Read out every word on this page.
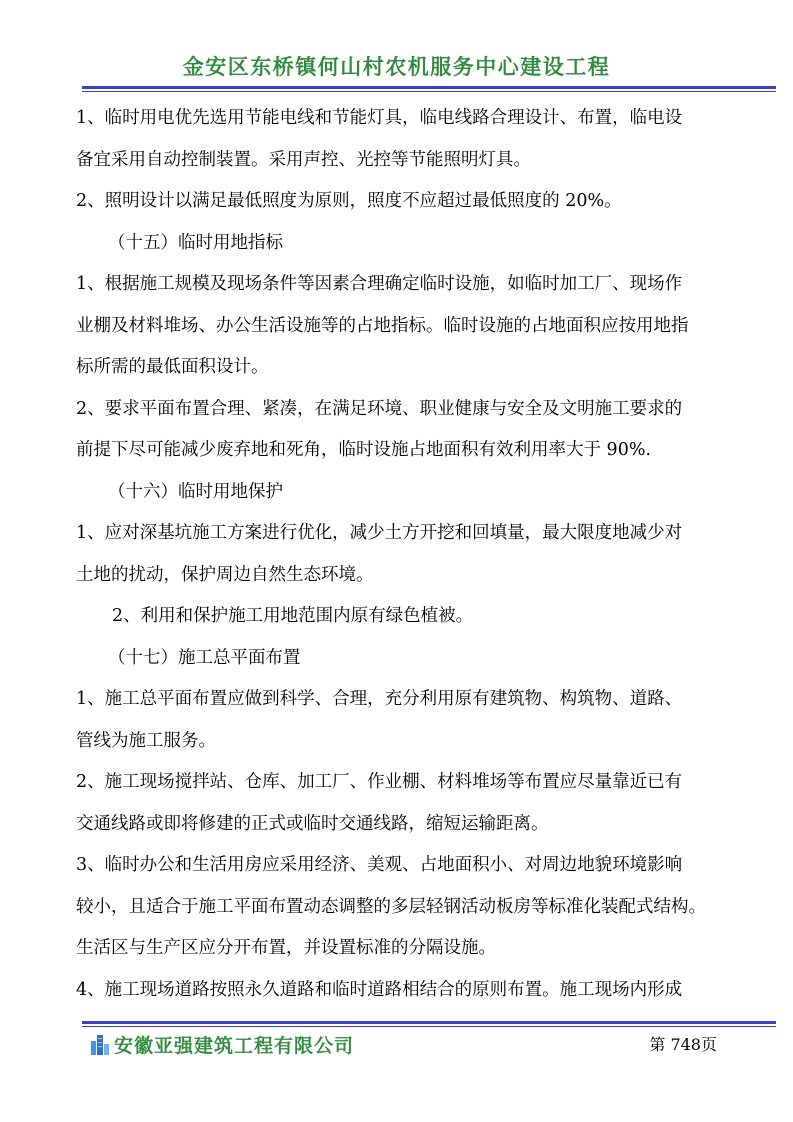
金安区东桥镇何山村农机服务中心建设工程

1、临时用电优先选用节能电线和节能灯具，临电线路合理设计、布置，临电设

备宜采用自动控制装置。采用声控、光控等节能照明灯具。

2、照明设计以满足最低照度为原则，照度不应超过最低照度的 20%。

（十五）临时用地指标

1、根据施工规模及现场条件等因素合理确定临时设施，如临时加工厂、现场作

业棚及材料堆场、办公生活设施等的占地指标。临时设施的占地面积应按用地指

标所需的最低面积设计。

2、要求平面布置合理、紧凑，在满足环境、职业健康与安全及文明施工要求的

前提下尽可能减少废弃地和死角，临时设施占地面积有效利用率大于 90%.

（十六）临时用地保护

1、应对深基坑施工方案进行优化，减少土方开挖和回填量，最大限度地减少对

土地的扰动，保护周边自然生态环境。

2、利用和保护施工用地范围内原有绿色植被。

（十七）施工总平面布置

1、施工总平面布置应做到科学、合理，充分利用原有建筑物、构筑物、道路、

管线为施工服务。

2、施工现场搅拌站、仓库、加工厂、作业棚、材料堆场等布置应尽量靠近已有

交通线路或即将修建的正式或临时交通线路，缩短运输距离。

3、临时办公和生活用房应采用经济、美观、占地面积小、对周边地貌环境影响

较小，且适合于施工平面布置动态调整的多层轻钢活动板房等标准化装配式结构。

生活区与生产区应分开布置，并设置标准的分隔设施。

4、施工现场道路按照永久道路和临时道路相结合的原则布置。施工现场内形成

安徽亚强建筑工程有限公司	第 748页
